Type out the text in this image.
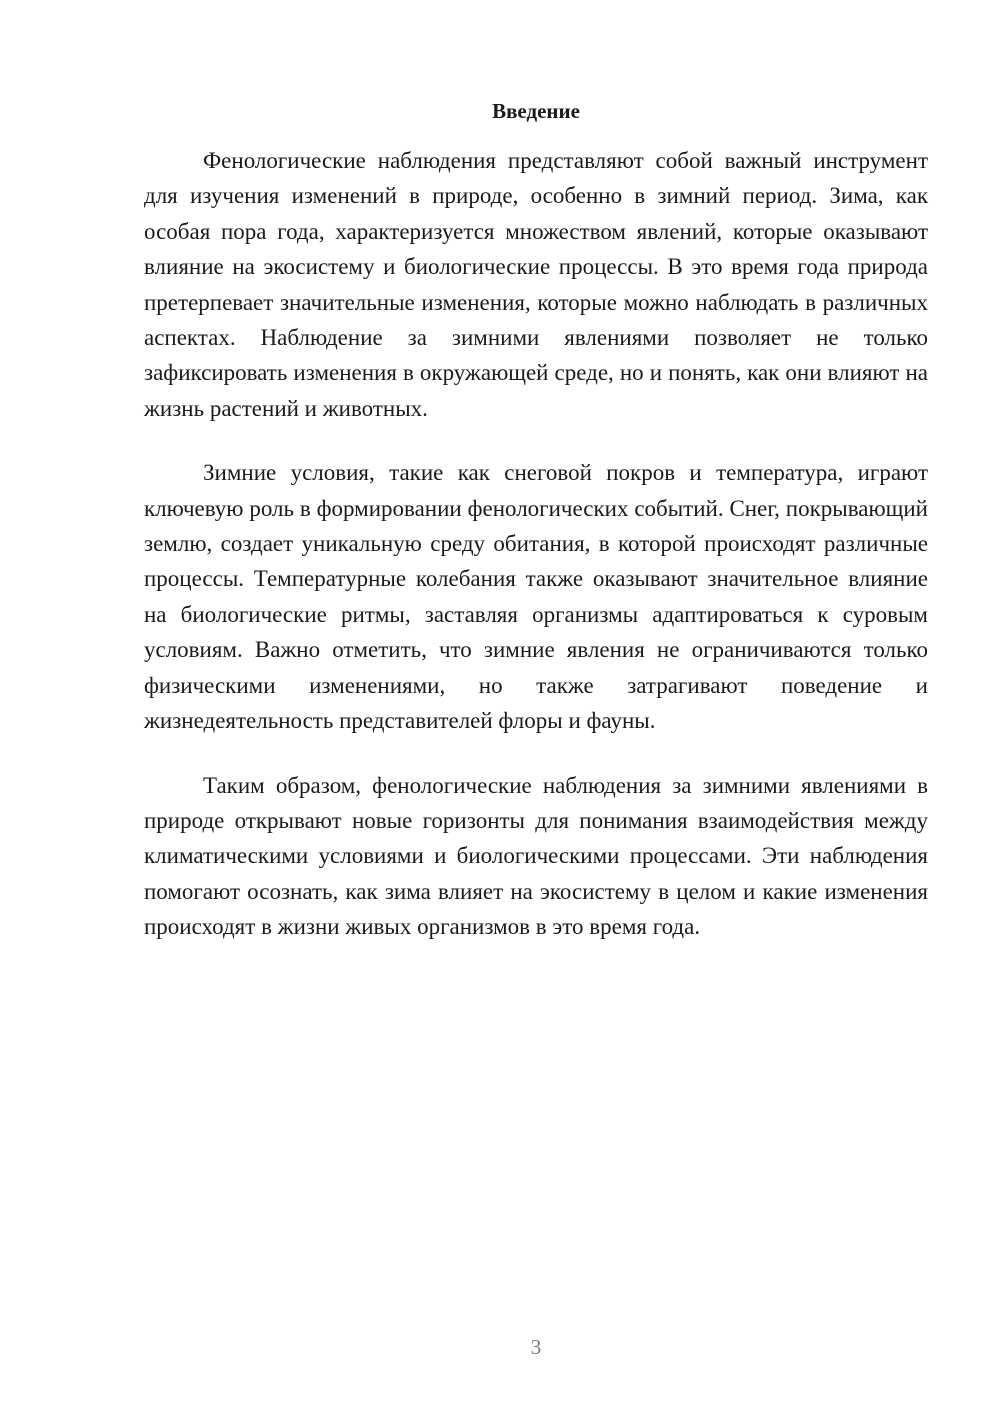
Введение

Фенологические наблюдения представляют собой важный инструмент для изучения изменений в природе, особенно в зимний период. Зима, как особая пора года, характеризуется множеством явлений, которые оказывают влияние на экосистему и биологические процессы. В это время года природа претерпевает значительные изменения, которые можно наблюдать в различных аспектах. Наблюдение за зимними явлениями позволяет не только зафиксировать изменения в окружающей среде, но и понять, как они влияют на жизнь растений и животных.

Зимние условия, такие как снеговой покров и температура, играют ключевую роль в формировании фенологических событий. Снег, покрывающий землю, создает уникальную среду обитания, в которой происходят различные процессы. Температурные колебания также оказывают значительное влияние на биологические ритмы, заставляя организмы адаптироваться к суровым условиям. Важно отметить, что зимние явления не ограничиваются только физическими изменениями, но также затрагивают поведение и жизнедеятельность представителей флоры и фауны.

Таким образом, фенологические наблюдения за зимними явлениями в природе открывают новые горизонты для понимания взаимодействия между климатическими условиями и биологическими процессами. Эти наблюдения помогают осознать, как зима влияет на экосистему в целом и какие изменения происходят в жизни живых организмов в это время года.

3
